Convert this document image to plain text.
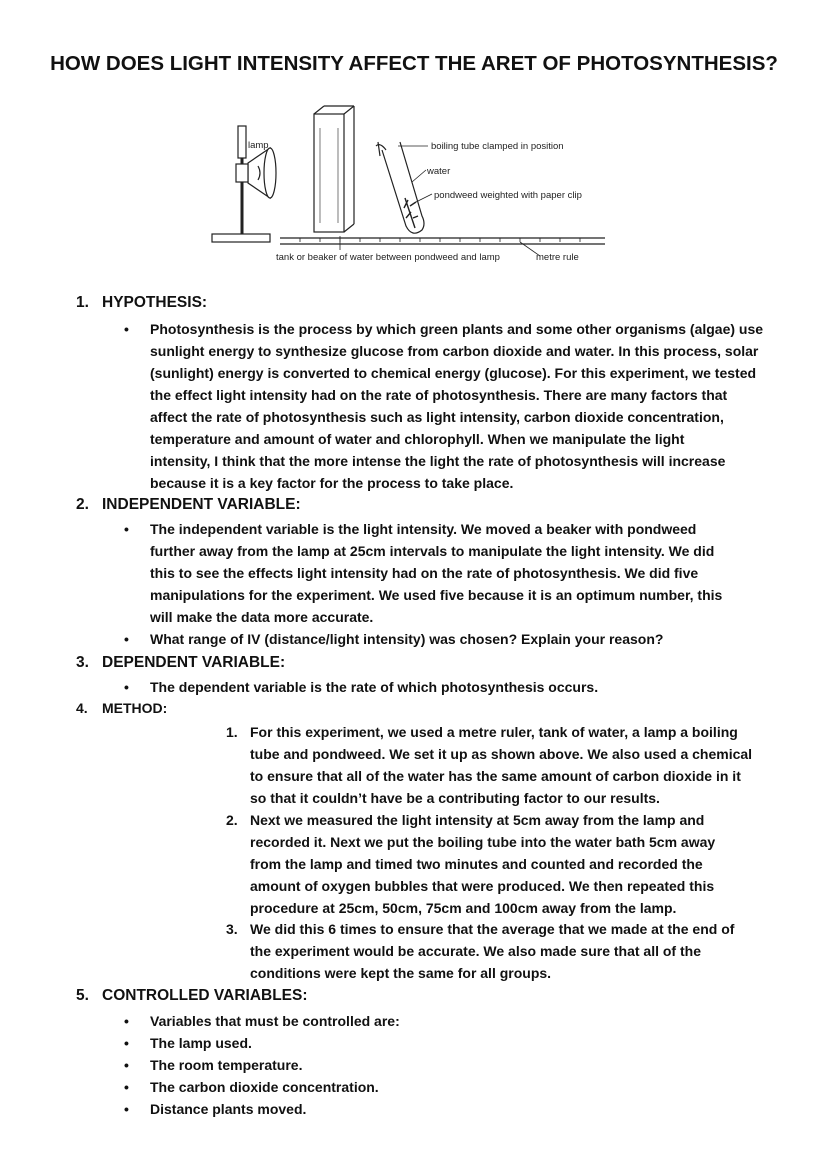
HOW DOES LIGHT INTENSITY AFFECT THE ARET OF PHOTOSYNTHESIS?
lamp	boiling tube clamped in position
water
pondweed weighted with paper clip
tank or beaker of water between pondweed and lamp	metre rule
1. HYPOTHESIS:
• Photosynthesis is the process by which green plants and some other organisms (algae) use
sunlight energy to synthesize glucose from carbon dioxide and water. In this process, solar
(sunlight) energy is converted to chemical energy (glucose). For this experiment, we tested
the effect light intensity had on the rate of photosynthesis. There are many factors that
affect the rate of photosynthesis such as light intensity, carbon dioxide concentration,
temperature and amount of water and chlorophyll. When we manipulate the light
intensity, I think that the more intense the light the rate of photosynthesis will increase
because it is a key factor for the process to take place.
2. INDEPENDENT VARIABLE:
• The independent variable is the light intensity. We moved a beaker with pondweed
further away from the lamp at 25cm intervals to manipulate the light intensity. We did
this to see the effects light intensity had on the rate of photosynthesis. We did five
manipulations for the experiment. We used five because it is an optimum number, this
will make the data more accurate.
• What range of IV (distance/light intensity) was chosen? Explain your reason?
3. DEPENDENT VARIABLE:
• The dependent variable is the rate of which photosynthesis occurs.
4. METHOD:
1. For this experiment, we used a metre ruler, tank of water, a lamp a boiling
tube and pondweed. We set it up as shown above. We also used a chemical
to ensure that all of the water has the same amount of carbon dioxide in it
so that it couldn’t have be a contributing factor to our results.
2. Next we measured the light intensity at 5cm away from the lamp and
recorded it. Next we put the boiling tube into the water bath 5cm away
from the lamp and timed two minutes and counted and recorded the
amount of oxygen bubbles that were produced. We then repeated this
procedure at 25cm, 50cm, 75cm and 100cm away from the lamp.
3. We did this 6 times to ensure that the average that we made at the end of
the experiment would be accurate. We also made sure that all of the
conditions were kept the same for all groups.
5. CONTROLLED VARIABLES:
• Variables that must be controlled are:
• The lamp used.
• The room temperature.
• The carbon dioxide concentration.
• Distance plants moved.
